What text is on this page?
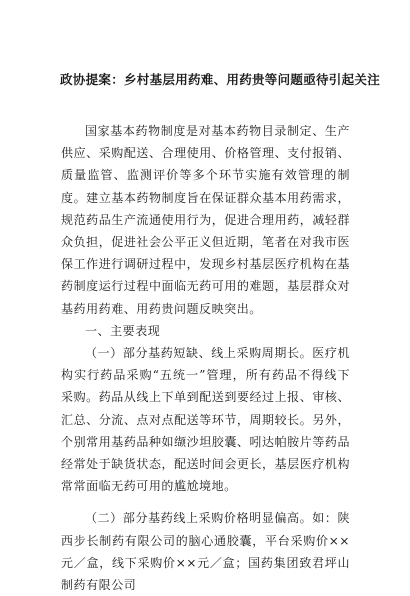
政协提案：乡村基层用药难、用药贵等问题亟待引起关注

国家基本药物制度是对基本药物目录制定、生产供应、采购配送、合理使用、价格管理、支付报销、质量监管、监测评价等多个环节实施有效管理的制度。建立基本药物制度旨在保证群众基本用药需求，规范药品生产流通使用行为，促进合理用药，减轻群众负担，促进社会公平正义但近期，笔者在对我市医保工作进行调研过程中，发现乡村基层医疗机构在基药制度运行过程中面临无药可用的难题，基层群众对基药用药难、用药贵问题反映突出。

一、主要表现

（一）部分基药短缺、线上采购周期长。医疗机构实行药品采购“五统一”管理，所有药品不得线下采购。药品从线上下单到配送到要经过上报、审核、汇总、分流、点对点配送等环节，周期较长。另外，个别常用基药品种如缬沙坦胶囊、吲达帕胺片等药品经常处于缺货状态，配送时间会更长，基层医疗机构常常面临无药可用的尴尬境地。

（二）部分基药线上采购价格明显偏高。如：陕西步长制药有限公司的脑心通胶囊，平台采购价××元／盒，线下采购价××元／盒；国药集团致君坪山制药有限公司
